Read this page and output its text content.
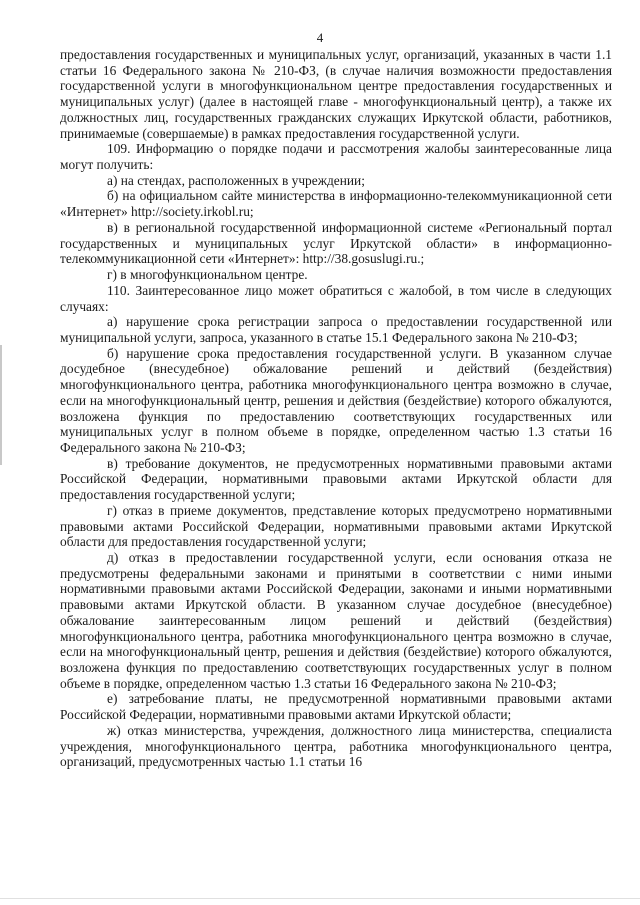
4

предоставления государственных и муниципальных услуг, организаций, указанных в части 1.1 статьи 16 Федерального закона № 210-ФЗ, (в случае наличия возможности предоставления государственной услуги в многофункциональном центре предоставления государственных и муниципальных услуг) (далее в настоящей главе - многофункциональный центр), а также их должностных лиц, государственных гражданских служащих Иркутской области, работников, принимаемые (совершаемые) в рамках предоставления государственной услуги.

109. Информацию о порядке подачи и рассмотрения жалобы заинтересованные лица могут получить:

а) на стендах, расположенных в учреждении;

б) на официальном сайте министерства в информационно-телекоммуникационной сети «Интернет» http://society.irkobl.ru;

в) в региональной государственной информационной системе «Региональный портал государственных и муниципальных услуг Иркутской области» в информационно-телекоммуникационной сети «Интернет»: http://38.gosuslugi.ru.;

г) в многофункциональном центре.

110. Заинтересованное лицо может обратиться с жалобой, в том числе в следующих случаях:

а) нарушение срока регистрации запроса о предоставлении государственной или муниципальной услуги, запроса, указанного в статье 15.1 Федерального закона № 210-ФЗ;

б) нарушение срока предоставления государственной услуги. В указанном случае досудебное (внесудебное) обжалование решений и действий (бездействия) многофункционального центра, работника многофункционального центра возможно в случае, если на многофункциональный центр, решения и действия (бездействие) которого обжалуются, возложена функция по предоставлению соответствующих государственных или муниципальных услуг в полном объеме в порядке, определенном частью 1.3 статьи 16 Федерального закона № 210-ФЗ;

в) требование документов, не предусмотренных нормативными правовыми актами Российской Федерации, нормативными правовыми актами Иркутской области для предоставления государственной услуги;

г) отказ в приеме документов, представление которых предусмотрено нормативными правовыми актами Российской Федерации, нормативными правовыми актами Иркутской области для предоставления государственной услуги;

д) отказ в предоставлении государственной услуги, если основания отказа не предусмотрены федеральными законами и принятыми в соответствии с ними иными нормативными правовыми актами Российской Федерации, законами и иными нормативными правовыми актами Иркутской области. В указанном случае досудебное (внесудебное) обжалование заинтересованным лицом решений и действий (бездействия) многофункционального центра, работника многофункционального центра возможно в случае, если на многофункциональный центр, решения и действия (бездействие) которого обжалуются, возложена функция по предоставлению соответствующих государственных услуг в полном объеме в порядке, определенном частью 1.3 статьи 16 Федерального закона № 210-ФЗ;

е) затребование платы, не предусмотренной нормативными правовыми актами Российской Федерации, нормативными правовыми актами Иркутской области;

ж) отказ министерства, учреждения, должностного лица министерства, специалиста учреждения, многофункционального центра, работника многофункционального центра, организаций, предусмотренных частью 1.1 статьи 16
